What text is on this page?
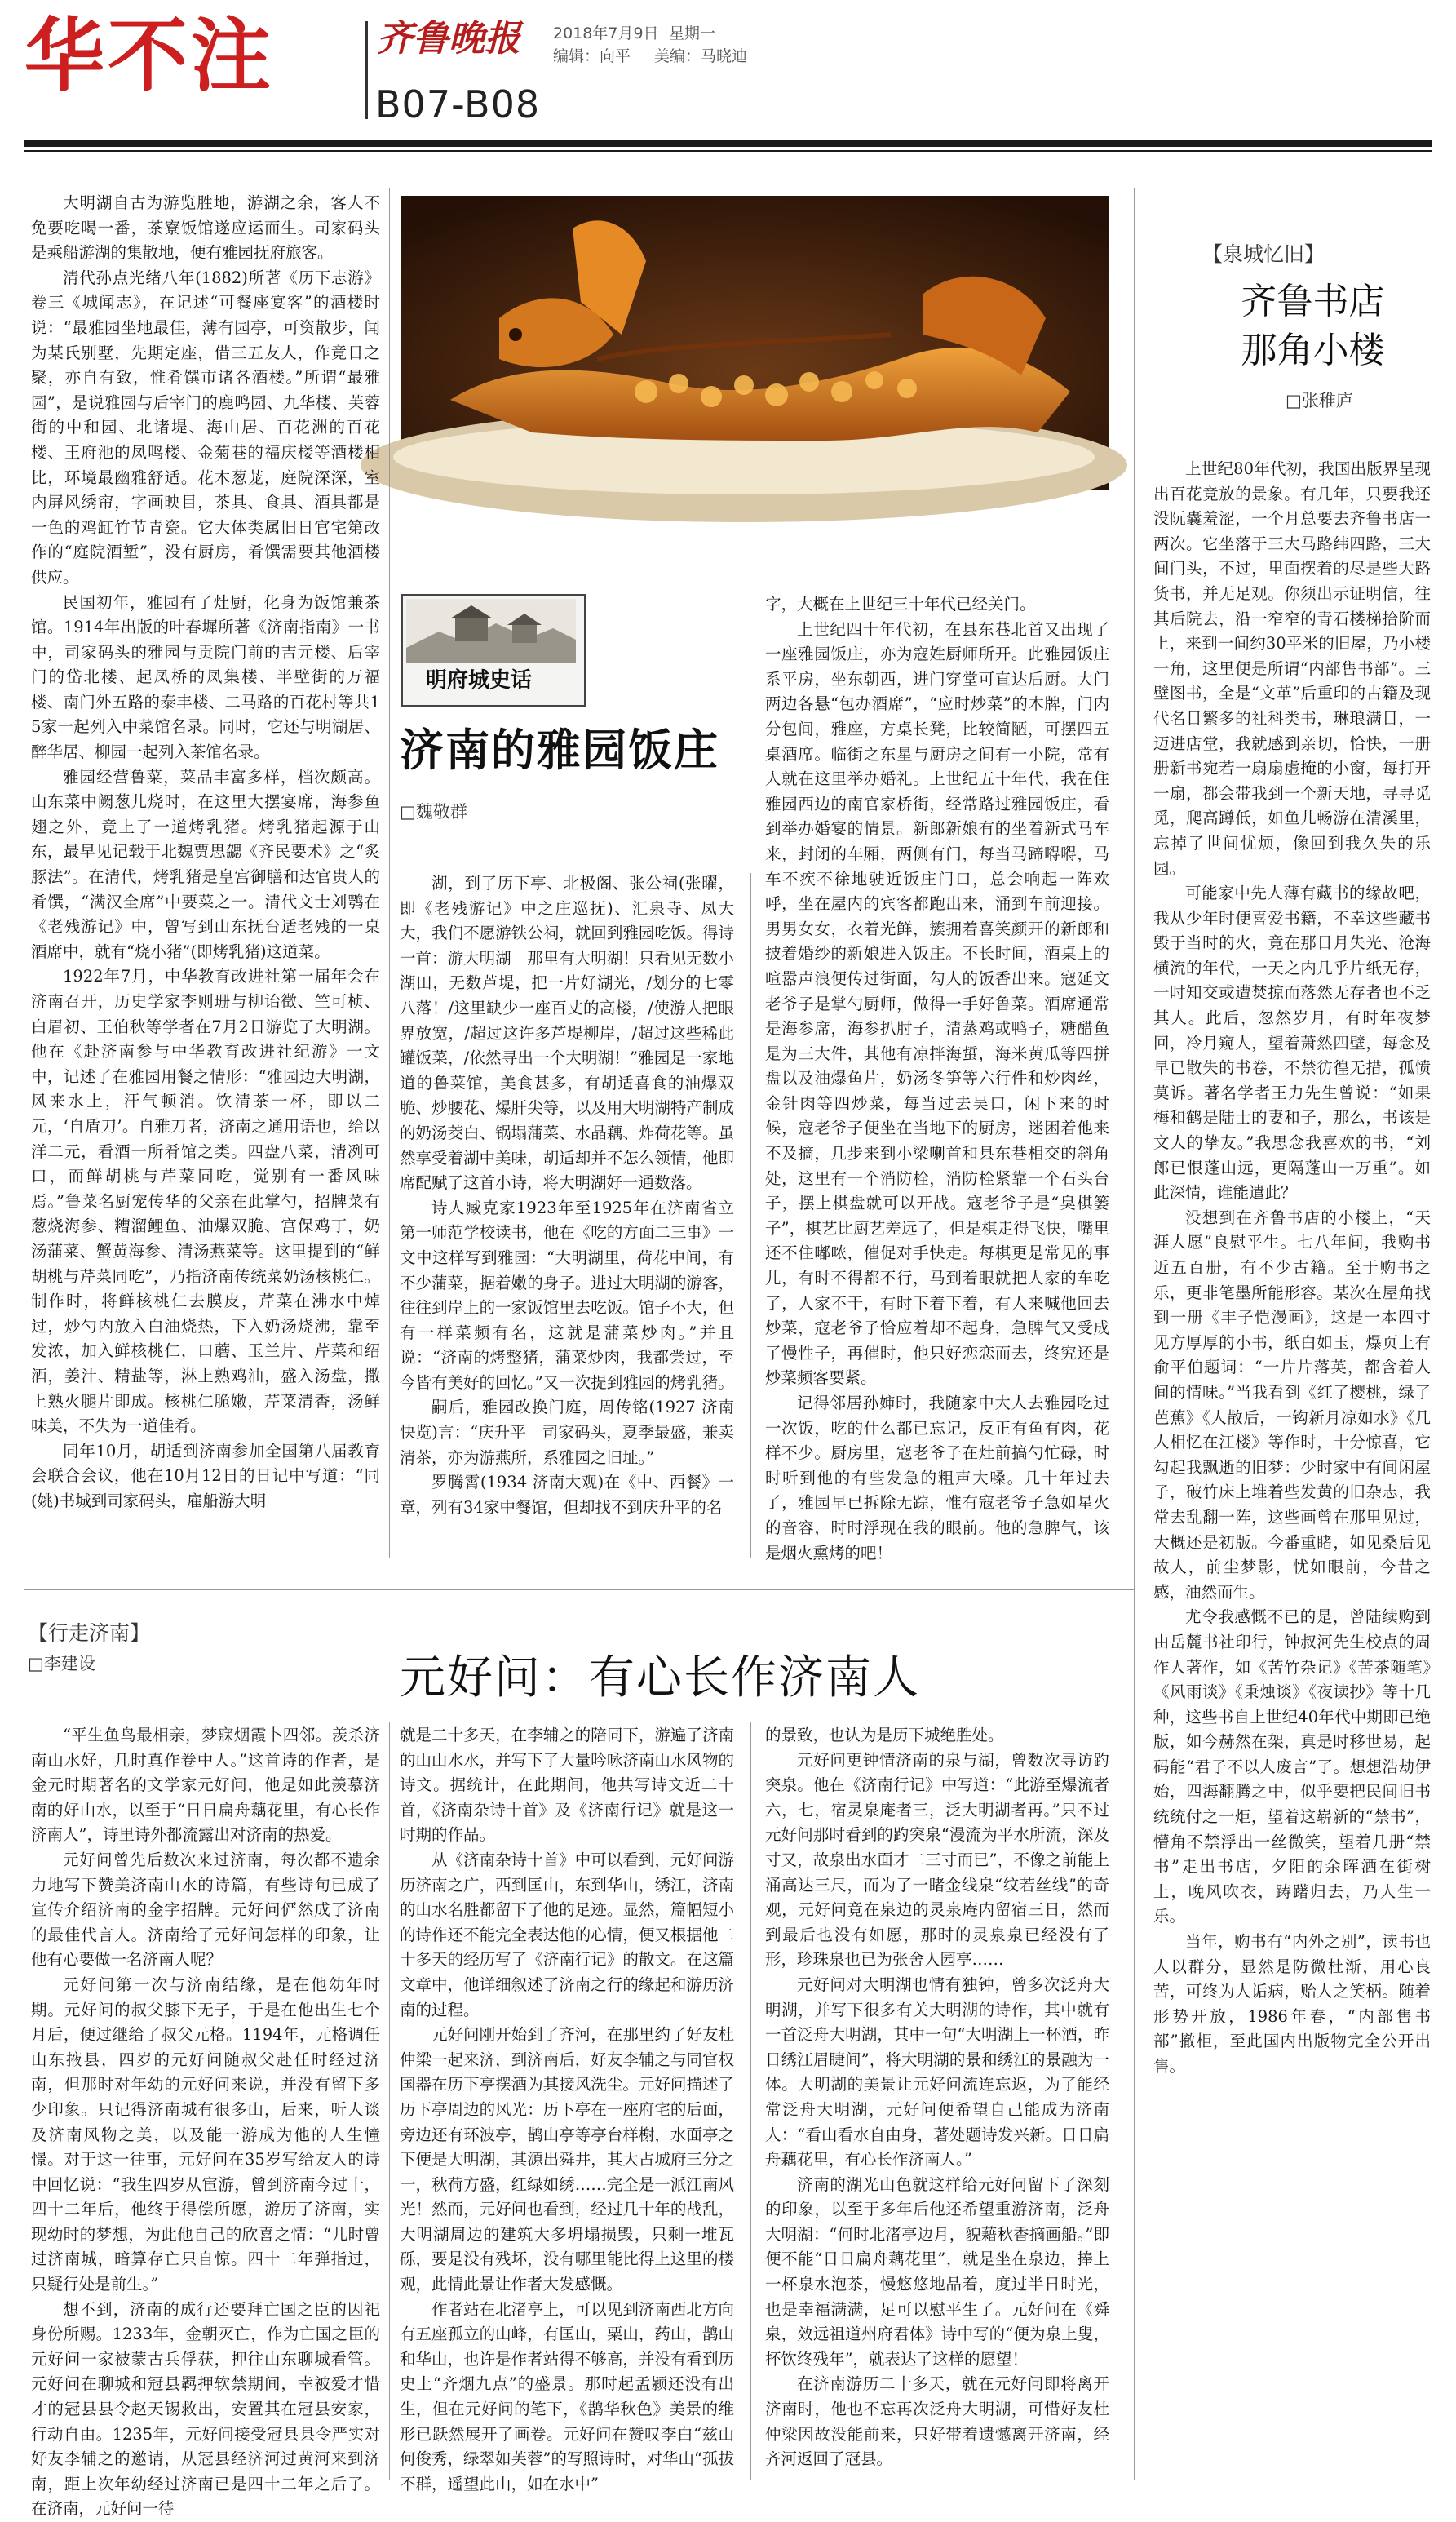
华不注	齐鲁晚报 2018年7月9日 星期一
编辑：向平 美编：马晓迪
B07-B08
明府城史话
济南的雅园饭庄
□魏敬群

大明湖自古为游览胜地，游湖之余，客人不免要吃喝一番，茶寮饭馆遂应运而生。司家码头是乘船游湖的集散地，便有雅园抚府旅客。

清代孙点光绪八年(1882)所著《历下志游》卷三《城闻志》，在记述“可餐座宴客”的酒楼时说：“最雅园坐地最佳，薄有园亭，可资散步，闻为某氏别墅，先期定座，借三五友人，作竟日之聚，亦自有致，惟肴馔市诸各酒楼。”所谓“最雅园”，是说雅园与后宰门的鹿鸣园、九华楼、芙蓉街的中和园、北诸堤、海山居、百花洲的百花楼、王府池的凤鸣楼、金菊巷的福庆楼等酒楼相比，环境最幽雅舒适。花木葱茏，庭院深深，室内屏风绣帘，字画映目，茶具、食具、酒具都是一色的鸡缸竹节青瓷。它大体类属旧日官宅第改作的“庭院酒堑”，没有厨房，肴馔需要其他酒楼供应。

民国初年，雅园有了灶厨，化身为饭馆兼茶馆。1914年出版的叶春墀所著《济南指南》一书中，司家码头的雅园与贡院门前的吉元楼、后宰门的岱北楼、起凤桥的凤集楼、半壁街的万福楼、南门外五路的泰丰楼、二马路的百花村等共15家一起列入中菜馆名录。同时，它还与明湖居、醉华居、柳园一起列入茶馆名录。

雅园经营鲁菜，菜品丰富多样，档次颇高。山东菜中阙葱儿烧时，在这里大摆宴席，海参鱼翅之外，竟上了一道烤乳猪。烤乳猪起源于山东，最早见记载于北魏贾思勰《齐民要术》之“炙豚法”。在清代，烤乳猪是皇宫御膳和达官贵人的肴馔，“满汉全席”中要菜之一。清代文士刘鹗在《老残游记》中，曾写到山东抚台适老残的一桌酒席中，就有“烧小猪”(即烤乳猪)这道菜。

1922年7月，中华教育改进社第一届年会在济南召开，历史学家李则珊与柳诒徵、竺可桢、白眉初、王伯秋等学者在7月2日游览了大明湖。他在《赴济南参与中华教育改进社纪游》一文中，记述了在雅园用餐之情形：“雅园边大明湖，风来水上，汗气顿消。饮清茶一杯，即以二元，‘自盾刀’。自雅刀者，济南之通用语也，给以洋二元，看酒一所肴馆之类。四盘八菜，清冽可口，而鲜胡桃与芹菜同吃，觉别有一番风味焉。”鲁菜名厨宠传华的父亲在此掌勺，招牌菜有葱烧海参、糟溜鲤鱼、油爆双脆、宫保鸡丁，奶汤蒲菜、蟹黄海参、清汤燕菜等。这里提到的“鲜胡桃与芹菜同吃”，乃指济南传统菜奶汤核桃仁。制作时，将鲜核桃仁去膜皮，芹菜在沸水中焯过，炒勺内放入白油烧热，下入奶汤烧沸，靠至发浓，加入鲜核桃仁，口蘑、玉兰片、芹菜和绍酒，姜汁、精盐等，淋上熟鸡油，盛入汤盘，撒上熟火腿片即成。核桃仁脆嫩，芹菜清香，汤鲜味美，不失为一道佳肴。

同年10月，胡适到济南参加全国第八届教育会联合会议，他在10月12日的日记中写道：“同(姚)书城到司家码头，雇船游大明

湖，到了历下亭、北极阁、张公祠(张曜，即《老残游记》中之庄巡抚)、汇泉寺、凤大大，我们不愿游铁公祠，就回到雅园吃饭。得诗一首：游大明湖　那里有大明湖！只看见无数小湖田，无数芦堤，把一片好湖光，/划分的七零八落！/这里缺少一座百丈的高楼，/使游人把眼界放宽，/超过这许多芦堤柳岸，/超过这些稀此罐饭菜，/依然寻出一个大明湖！”雅园是一家地道的鲁菜馆，美食甚多，有胡适喜食的油爆双脆、炒腰花、爆肝尖等，以及用大明湖特产制成的奶汤茭白、锅塌蒲菜、水晶藕、炸荷花等。虽然享受着湖中美味，胡适却并不怎么领情，他即席配赋了这首小诗，将大明湖好一通数落。

诗人臧克家1923年至1925年在济南省立第一师范学校读书，他在《吃的方面二三事》一文中这样写到雅园：“大明湖里，荷花中间，有不少蒲菜，据着嫩的身子。进过大明湖的游客，往往到岸上的一家饭馆里去吃饭。馆子不大，但有一样菜频有名，这就是蒲菜炒肉。”并且说：“济南的烤整猪，蒲菜炒肉，我都尝过，至今皆有美好的回忆。”又一次提到雅园的烤乳猪。

嗣后，雅园改换门庭，周传铭(1927 济南快览)言：“庆升平　司家码头，夏季最盛，兼卖清茶，亦为游燕所，系雅园之旧址。”

罗腾霄(1934 济南大观)在《中、西餐》一章，列有34家中餐馆，但却找不到庆升平的名

字，大概在上世纪三十年代已经关门。

上世纪四十年代初，在县东巷北首又出现了一座雅园饭庄，亦为寇姓厨师所开。此雅园饭庄系平房，坐东朝西，进门穿堂可直达后厨。大门两边各悬“包办酒席”，“应时炒菜”的木牌，门内分包间，雅座，方桌长凳，比较简陋，可摆四五桌酒席。临街之东星与厨房之间有一小院，常有人就在这里举办婚礼。上世纪五十年代，我在住雅园西边的南官家桥街，经常路过雅园饭庄，看到举办婚宴的情景。新郎新娘有的坐着新式马车来，封闭的车厢，两侧有门，每当马蹄嘚嘚，马车不疾不徐地驶近饭庄门口，总会响起一阵欢呼，坐在屋内的宾客都跑出来，涌到车前迎接。男男女女，衣着光鲜，簇拥着喜笑颜开的新郎和披着婚纱的新娘进入饭庄。不长时间，酒桌上的喧嚣声浪便传过街面，勾人的饭香出来。寇延文老爷子是掌勺厨师，做得一手好鲁菜。酒席通常是海参席，海参扒肘子，清蒸鸡或鸭子，糖醋鱼是为三大件，其他有凉拌海蜇，海米黄瓜等四拼盘以及油爆鱼片，奶汤冬笋等六行件和炒肉丝，金针肉等四炒菜，每当过去吴口，闲下来的时候，寇老爷子便坐在当地下的厨房，迷困着他来不及摘，几步来到小梁喇首和县东巷相交的斜角处，这里有一个消防栓，消防栓紧靠一个石头台子，摆上棋盘就可以开战。寇老爷子是“臭棋篓子”，棋艺比厨艺差远了，但是棋走得飞快，嘴里还不住嘟哝，催促对手快走。每棋更是常见的事儿，有时不得都不行，马到着眼就把人家的车吃了，人家不干，有时下着下着，有人来喊他回去炒菜，寇老爷子恰应着却不起身，急脾气又受成了慢性子，再催时，他只好恋恋而去，终究还是炒菜频客要紧。

记得邻居孙婶时，我随家中大人去雅园吃过一次饭，吃的什么都已忘记，反正有鱼有肉，花样不少。厨房里，寇老爷子在灶前搞勺忙碌，时时听到他的有些发急的粗声大嗓。几十年过去了，雅园早已拆除无踪，惟有寇老爷子急如星火的音容，时时浮现在我的眼前。他的急脾气，该是烟火熏烤的吧！

【泉城忆旧】
齐鲁书店
那角小楼
□张稚庐

上世纪80年代初，我国出版界呈现出百花竞放的景象。有几年，只要我还没阮囊羞涩，一个月总要去齐鲁书店一两次。它坐落于三大马路纬四路，三大间门头，不过，里面摆着的尽是些大路货书，并无足观。你须出示证明信，往其后院去，沿一窄窄的青石楼梯拾阶而上，来到一间约30平米的旧屋，乃小楼一角，这里便是所谓“内部售书部”。三壁图书，全是“文革”后重印的古籍及现代名目繁多的社科类书，琳琅满目，一迈进店堂，我就感到亲切，恰快，一册册新书宛若一扇扇虚掩的小窗，每打开一扇，都会带我到一个新天地，寻寻觅觅，爬高蹲低，如鱼儿畅游在清溪里，忘掉了世间忧烦，像回到我久失的乐园。

可能家中先人薄有藏书的缘故吧，我从少年时便喜爱书籍，不幸这些藏书毁于当时的火，竟在那日月失光、沧海横流的年代，一天之内几乎片纸无存，一时知交或遭焚掠而落然无存者也不乏其人。此后，忽然岁月，有时年夜梦回，冷月窥人，望着萧然四壁，每念及早已散失的书卷，不禁彷徨无措，孤愤莫诉。著名学者王力先生曾说：“如果梅和鹤是陆士的妻和子，那么，书该是文人的挚友。”我思念我喜欢的书，“刘郎已恨蓬山远，更隔蓬山一万重”。如此深情，谁能遣此？

没想到在齐鲁书店的小楼上，“天涯人愿”良慰平生。七八年间，我购书近五百册，有不少古籍。至于购书之乐，更非笔墨所能形容。某次在屋角找到一册《丰子恺漫画》，这是一本四寸见方厚厚的小书，纸白如玉，爆页上有俞平伯题词：“一片片落英，都含着人间的情味。”当我看到《红了樱桃，绿了芭蕉》《人散后，一钩新月凉如水》《几人相忆在江楼》等作时，十分惊喜，它勾起我飘逝的旧梦：少时家中有间闲屋子，破竹床上堆着些发黄的旧杂志，我常去乱翻一阵，这些画曾在那里见过，大概还是初版。今番重睹，如见桑后见故人，前尘梦影，忧如眼前，今昔之感，油然而生。

尤令我感慨不已的是，曾陆续购到由岳麓书社印行，钟叔河先生校点的周作人著作，如《苦竹杂记》《苦茶随笔》《风雨谈》《秉烛谈》《夜读抄》等十几种，这些书自上世纪40年代中期即已绝版，如今赫然在架，真是时移世易，起码能“君子不以人废言”了。想想浩劫伊始，四海翻腾之中，似乎要把民间旧书统统付之一炬，望着这崭新的“禁书”，懵角不禁浮出一丝微笑，望着几册“禁书”走出书店，夕阳的余晖洒在街树上，晚风吹衣，踌躇归去，乃人生一乐。

当年，购书有“内外之别”，读书也人以群分，显然是防微杜渐，用心良苦，可终为人诟病，贻人之笑柄。随着形势开放，1986年春，“内部售书部”撤柜，至此国内出版物完全公开出售。

【行走济南】
□李建设	元好问：有心长作济南人

“平生鱼鸟最相亲，梦寐烟霞卜四邻。羡杀济南山水好，几时真作卷中人。”这首诗的作者，是金元时期著名的文学家元好问，他是如此羡慕济南的好山水，以至于“日日扁舟藕花里，有心长作济南人”，诗里诗外都流露出对济南的热爱。

元好问曾先后数次来过济南，每次都不遗余力地写下赞美济南山水的诗篇，有些诗句已成了宣传介绍济南的金字招牌。元好问俨然成了济南的最佳代言人。济南给了元好问怎样的印象，让他有心要做一名济南人呢？

元好问第一次与济南结缘，是在他幼年时期。元好问的叔父膝下无子，于是在他出生七个月后，便过继给了叔父元格。1194年，元格调任山东掖县，四岁的元好问随叔父赴任时经过济南，但那时对年幼的元好问来说，并没有留下多少印象。只记得济南城有很多山，后来，听人谈及济南风物之美，以及能一游成为他的人生憧憬。对于这一往事，元好问在35岁写给友人的诗中回忆说：“我生四岁从宦游，曾到济南今过十，四十二年后，他终于得偿所愿，游历了济南，实现幼时的梦想，为此他自己的欣喜之情：“儿时曾过济南城，暗算存亡只自惊。四十二年弹指过，只疑行处是前生。”

想不到，济南的成行还要拜亡国之臣的因祀身份所赐。1233年，金朝灭亡，作为亡国之臣的元好问一家被蒙古兵俘获，押往山东聊城看管。元好问在聊城和冠县羁押软禁期间，幸被爱才惜才的冠县县令赵天锡救出，安置其在冠县安家，行动自由。1235年，元好问接受冠县县令严实对好友李辅之的邀请，从冠县经济河过黄河来到济南，距上次年幼经过济南已是四十二年之后了。在济南，元好问一待

就是二十多天，在李辅之的陪同下，游遍了济南的山山水水，并写下了大量吟咏济南山水风物的诗文。据统计，在此期间，他共写诗文近二十首，《济南杂诗十首》及《济南行记》就是这一时期的作品。

从《济南杂诗十首》中可以看到，元好问游历济南之广，西到匡山，东到华山，绣江，济南的山水名胜都留下了他的足迹。显然，篇幅短小的诗作还不能完全表达他的心情，便又根据他二十多天的经历写了《济南行记》的散文。在这篇文章中，他详细叙述了济南之行的缘起和游历济南的过程。

元好问刚开始到了齐河，在那里约了好友杜仲梁一起来济，到济南后，好友李辅之与同官权国器在历下亭摆酒为其接风洗尘。元好问描述了历下亭周边的风光：历下亭在一座府宅的后面，旁边还有环波亭，鹊山亭等亭台样榭，水面亭之下便是大明湖，其源出舜井，其大占城府三分之一，秋荷方盛，红绿如绣……完全是一派江南风光！然而，元好问也看到，经过几十年的战乱，大明湖周边的建筑大多坍塌损毁，只剩一堆瓦砾，要是没有残坏，没有哪里能比得上这里的楼观，此情此景让作者大发感慨。

作者站在北渚亭上，可以见到济南西北方向有五座孤立的山峰，有匡山，粟山，药山，鹊山和华山，也许是作者站得不够高，并没有看到历史上“齐烟九点”的盛景。那时起孟颍还没有出生，但在元好问的笔下，《鹊华秋色》美景的维形已跃然展开了画卷。元好问在赞叹李白“兹山何俊秀，绿翠如芙蓉”的写照诗时，对华山“孤拔不群，遥望此山，如在水中”

的景致，也认为是历下城绝胜处。

元好问更钟情济南的泉与湖，曾数次寻访趵突泉。他在《济南行记》中写道：“此游至爆流者六，七，宿灵泉庵者三，泛大明湖者再。”只不过元好问那时看到的趵突泉“漫流为平水所流，深及寸又，故泉出水面才二三寸而已”，不像之前能上涌高达三尺，而为了一睹金线泉“纹若丝线”的奇观，元好问竟在泉边的灵泉庵内留宿三日，然而到最后也没有如愿，那时的灵泉泉已经没有了形，珍珠泉也已为张舍人园亭……

元好问对大明湖也情有独钟，曾多次泛舟大明湖，并写下很多有关大明湖的诗作，其中就有一首泛舟大明湖，其中一句“大明湖上一杯酒，昨日绣江眉睫间”，将大明湖的景和绣江的景融为一体。大明湖的美景让元好问流连忘返，为了能经常泛舟大明湖，元好问便希望自己能成为济南人：“看山看水自由身，著处题诗发兴新。日日扁舟藕花里，有心长作济南人。”

济南的湖光山色就这样给元好问留下了深刻的印象，以至于多年后他还希望重游济南，泛舟大明湖：“何时北渚亭边月，貌藉秋香摘画船。”即便不能“日日扁舟藕花里”，就是坐在泉边，捧上一杯泉水泡茶，慢悠悠地品着，度过半日时光，也是幸福满满，足可以慰平生了。元好问在《舜泉，效远祖道州府君体》诗中写的“便为泉上叟，抔饮终残年”，就表达了这样的愿望！

在济南游历二十多天，就在元好问即将离开济南时，他也不忘再次泛舟大明湖，可惜好友杜仲梁因故没能前来，只好带着遗憾离开济南，经齐河返回了冠县。
